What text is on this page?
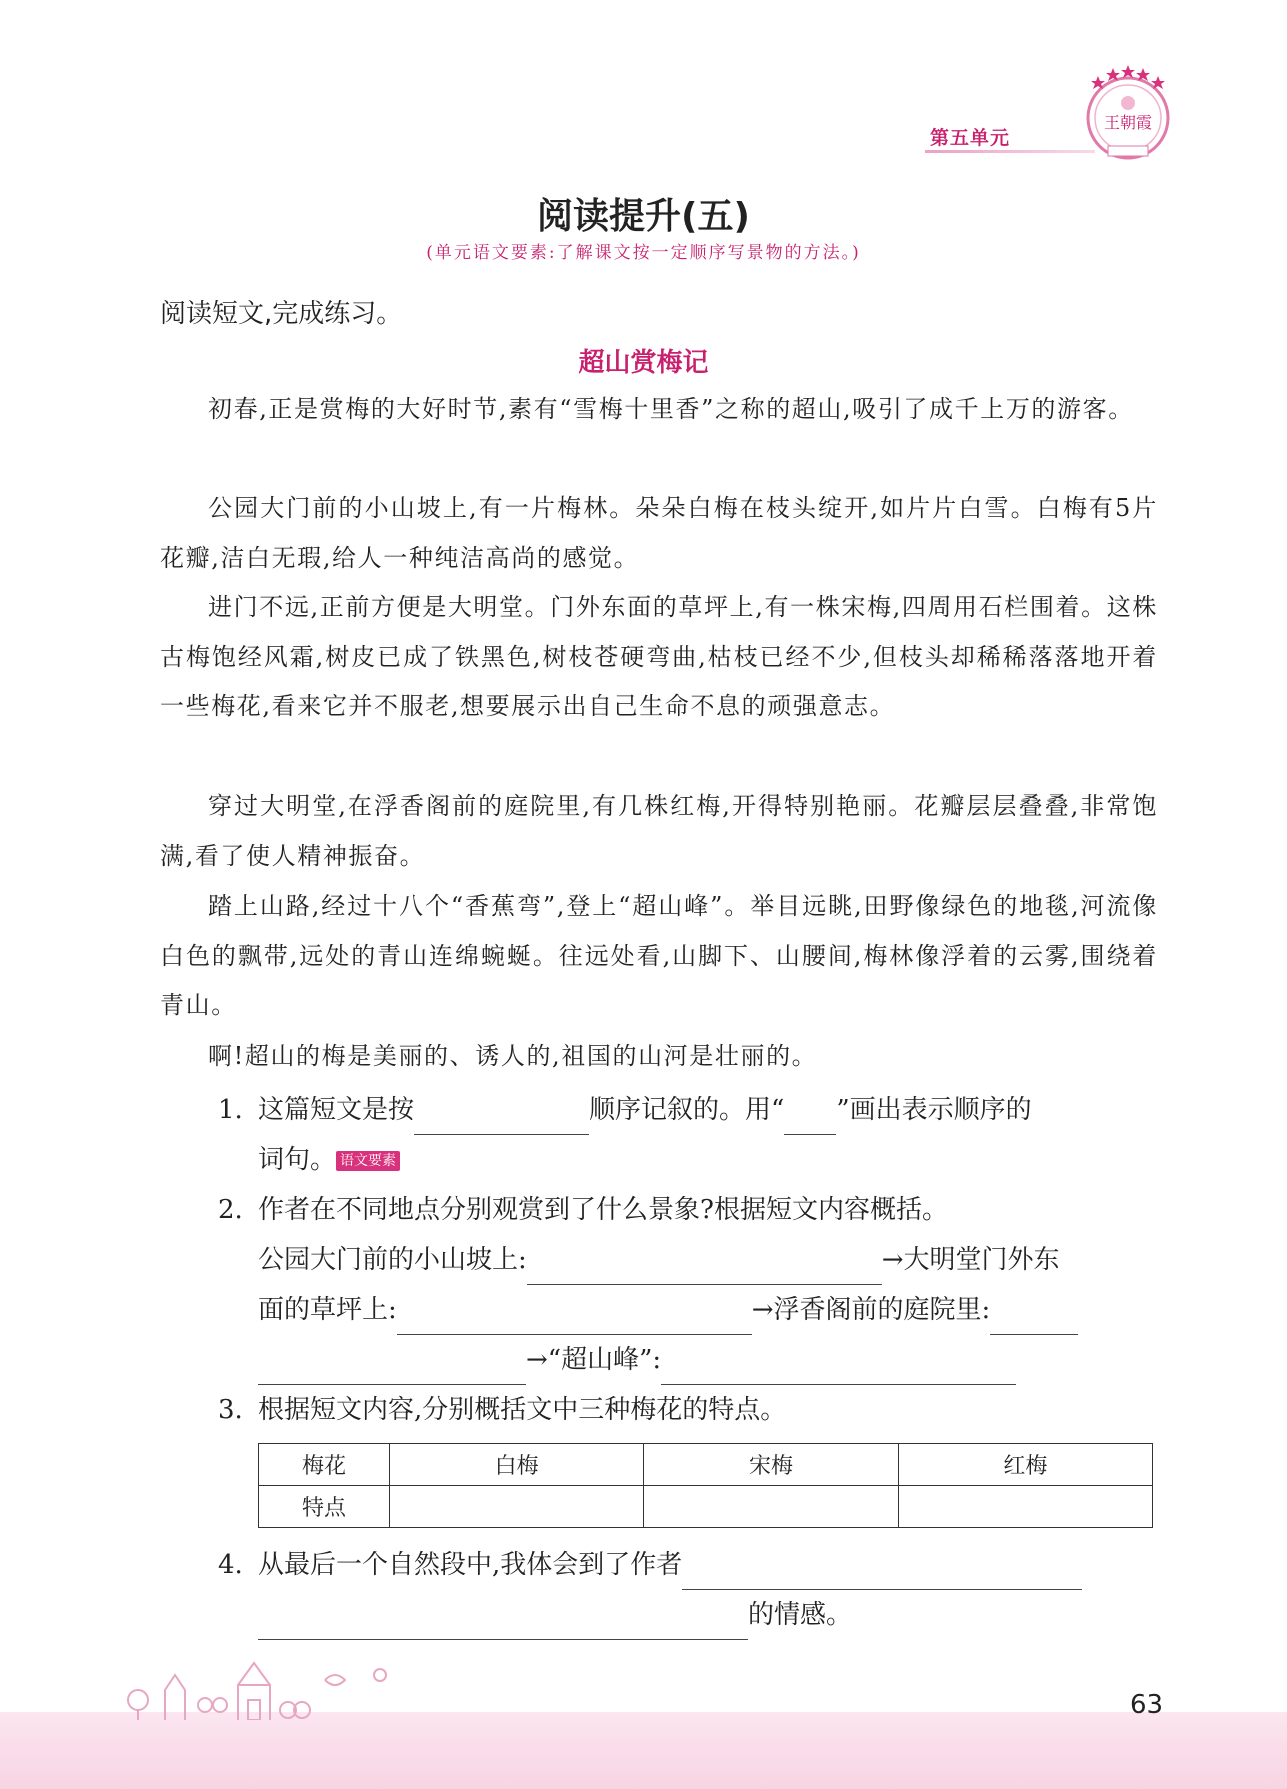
第五单元
王朝霞
阅读提升(五)
(单元语文要素:了解课文按一定顺序写景物的方法。)
阅读短文,完成练习。
超山赏梅记
初春,正是赏梅的大好时节,素有“雪梅十里香”之称的超山,吸引了成千上万的游客。
公园大门前的小山坡上,有一片梅林。朵朵白梅在枝头绽开,如片片白雪。白梅有5片花瓣,洁白无瑕,给人一种纯洁高尚的感觉。
进门不远,正前方便是大明堂。门外东面的草坪上,有一株宋梅,四周用石栏围着。这株古梅饱经风霜,树皮已成了铁黑色,树枝苍硬弯曲,枯枝已经不少,但枝头却稀稀落落地开着一些梅花,看来它并不服老,想要展示出自己生命不息的顽强意志。
穿过大明堂,在浮香阁前的庭院里,有几株红梅,开得特别艳丽。花瓣层层叠叠,非常饱满,看了使人精神振奋。
踏上山路,经过十八个“香蕉弯”,登上“超山峰”。举目远眺,田野像绿色的地毯,河流像白色的飘带,远处的青山连绵蜿蜒。往远处看,山脚下、山腰间,梅林像浮着的云雾,围绕着青山。
啊!超山的梅是美丽的、诱人的,祖国的山河是壮丽的。
1. 这篇短文是按	顺序记叙的。用“ ”画出表示顺序的
词句。 语文要素
2. 作者在不同地点分别观赏到了什么景象?根据短文内容概括。
公园大门前的小山坡上:	→大明堂门外东
面的草坪上:	→浮香阁前的庭院里:
→“超山峰”:
3. 根据短文内容,分别概括文中三种梅花的特点。
梅花	白梅	宋梅	红梅
特点			
4. 从最后一个自然段中,我体会到了作者
的情感。
63
